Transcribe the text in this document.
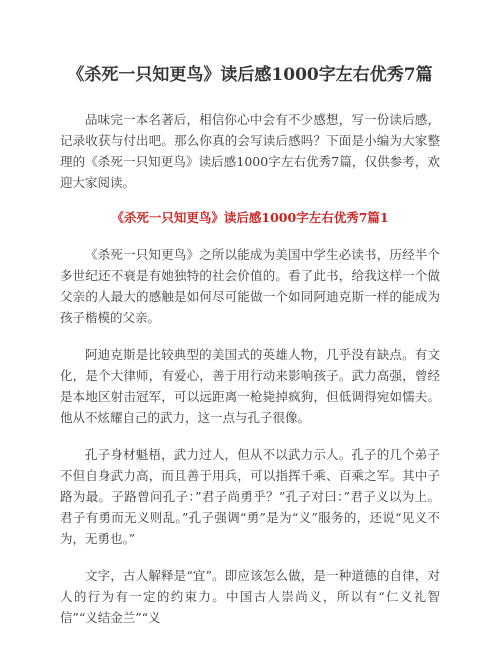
《杀死一只知更鸟》读后感1000字左右优秀7篇

品味完一本名著后，相信你心中会有不少感想，写一份读后感，记录收获与付出吧。那么你真的会写读后感吗？下面是小编为大家整理的《杀死一只知更鸟》读后感1000字左右优秀7篇，仅供参考，欢迎大家阅读。

《杀死一只知更鸟》读后感1000字左右优秀7篇1

《杀死一只知更鸟》之所以能成为美国中学生必读书，历经半个多世纪还不衰是有她独特的社会价值的。看了此书，给我这样一个做父亲的人最大的感触是如何尽可能做一个如同阿迪克斯一样的能成为孩子楷模的父亲。

阿迪克斯是比较典型的美国式的英雄人物，几乎没有缺点。有文化，是个大律师，有爱心，善于用行动来影响孩子。武力高强，曾经是本地区射击冠军，可以远距离一枪毙掉疯狗，但低调得宛如懦夫。他从不炫耀自己的武力，这一点与孔子很像。

孔子身材魁梧，武力过人，但从不以武力示人。孔子的几个弟子不但自身武力高，而且善于用兵，可以指挥千乘、百乘之军。其中子路为最。子路曾问孔子：”君子尚勇乎？”孔子对曰：”君子义以为上。君子有勇而无义则乱。”孔子强调“勇”是为“义”服务的，还说“见义不为，无勇也。”

文字，古人解释是“宜”。即应该怎么做，是一种道德的自律，对人的行为有一定的约束力。中国古人崇尚义，所以有“仁义礼智信”“义结金兰”“义
